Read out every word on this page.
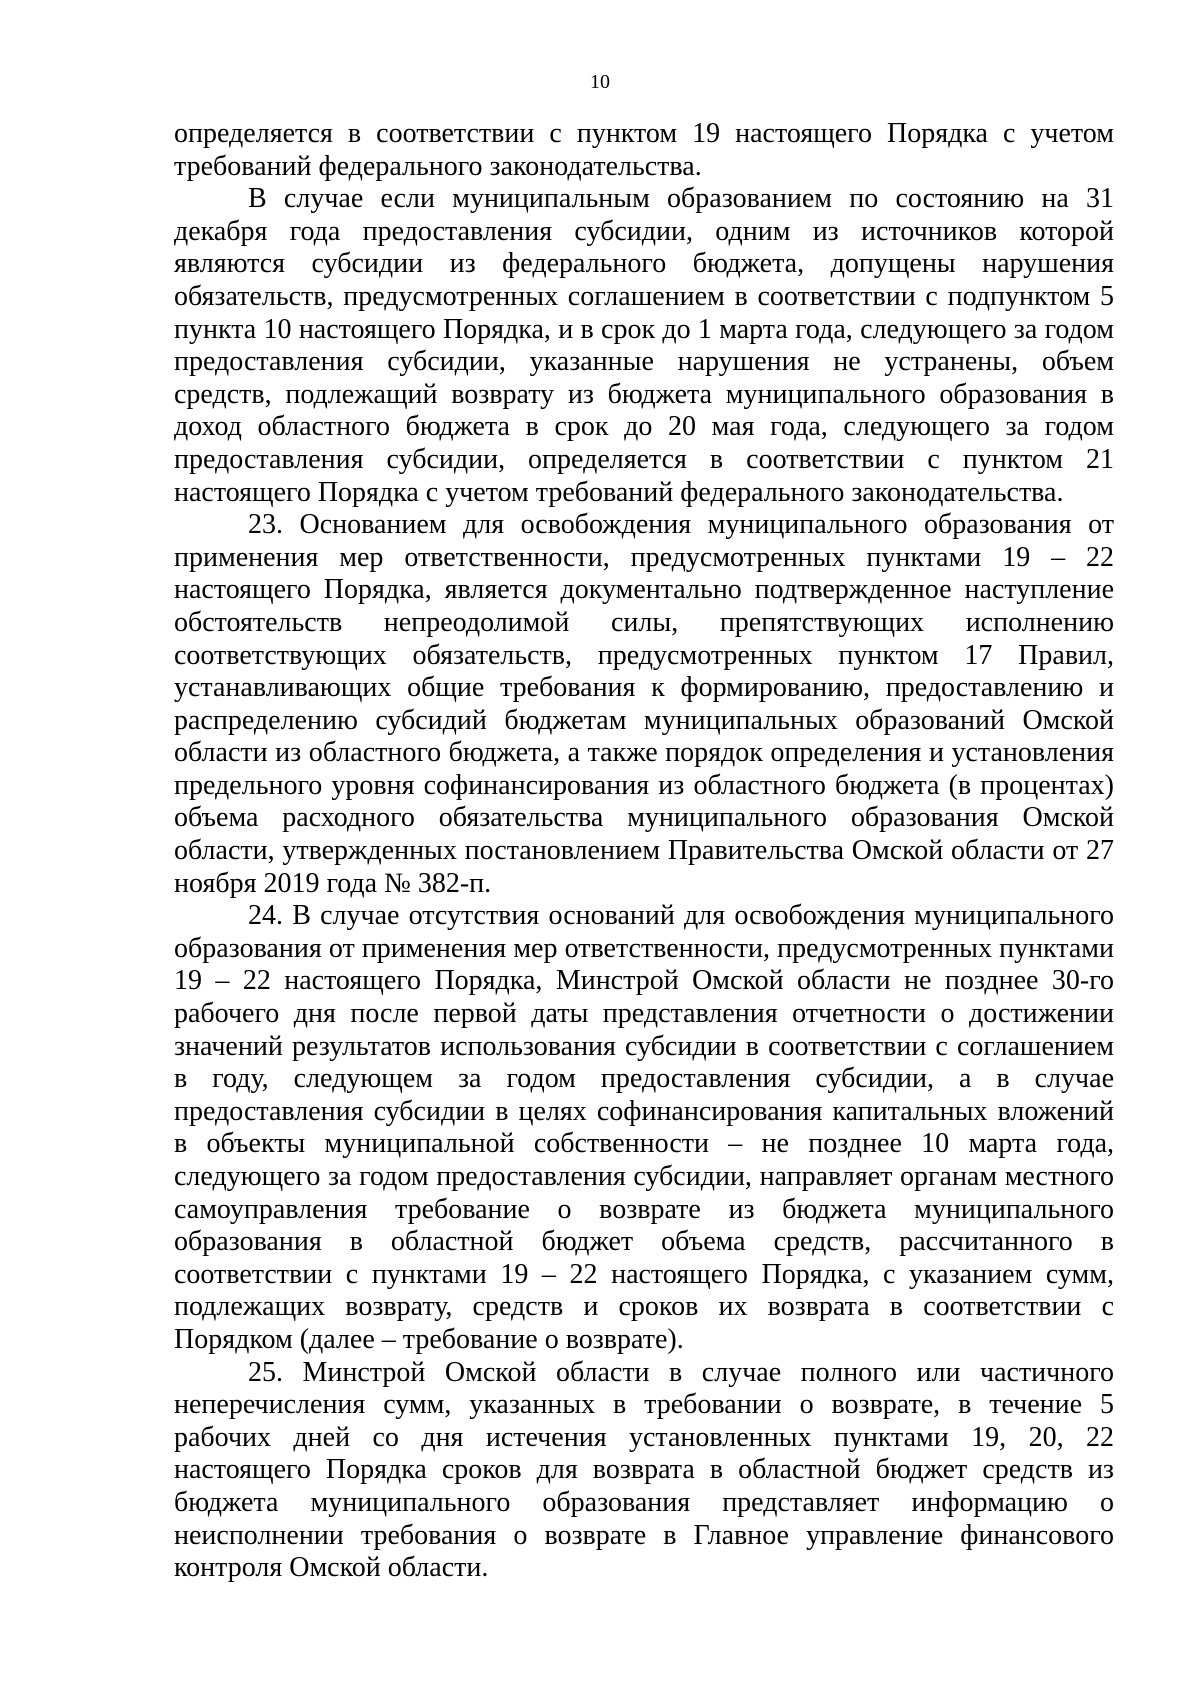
10

определяется в соответствии с пунктом 19 настоящего Порядка с учетом требований федерального законодательства.

В случае если муниципальным образованием по состоянию на 31 декабря года предоставления субсидии, одним из источников которой являются субсидии из федерального бюджета, допущены нарушения обязательств, предусмотренных соглашением в соответствии с подпунктом 5 пункта 10 настоящего Порядка, и в срок до 1 марта года, следующего за годом предоставления субсидии, указанные нарушения не устранены, объем средств, подлежащий возврату из бюджета муниципального образования в доход областного бюджета в срок до 20 мая года, следующего за годом предоставления субсидии, определяется в соответствии с пунктом 21 настоящего Порядка с учетом требований федерального законодательства.

23. Основанием для освобождения муниципального образования от применения мер ответственности, предусмотренных пунктами 19 – 22 настоящего Порядка, является документально подтвержденное наступление обстоятельств непреодолимой силы, препятствующих исполнению соответствующих обязательств, предусмотренных пунктом 17 Правил, устанавливающих общие требования к формированию, предоставлению и распределению субсидий бюджетам муниципальных образований Омской области из областного бюджета, а также порядок определения и установления предельного уровня софинансирования из областного бюджета (в процентах) объема расходного обязательства муниципального образования Омской области, утвержденных постановлением Правительства Омской области от 27 ноября 2019 года № 382-п.

24. В случае отсутствия оснований для освобождения муниципального образования от применения мер ответственности, предусмотренных пунктами 19 – 22 настоящего Порядка, Минстрой Омской области не позднее 30-го рабочего дня после первой даты представления отчетности о достижении значений результатов использования субсидии в соответствии с соглашением в году, следующем за годом предоставления субсидии, а в случае предоставления субсидии в целях софинансирования капитальных вложений в объекты муниципальной собственности – не позднее 10 марта года, следующего за годом предоставления субсидии, направляет органам местного самоуправления требование о возврате из бюджета муниципального образования в областной бюджет объема средств, рассчитанного в соответствии с пунктами 19 – 22 настоящего Порядка, с указанием сумм, подлежащих возврату, средств и сроков их возврата в соответствии с Порядком (далее – требование о возврате).

25. Минстрой Омской области в случае полного или частичного неперечисления сумм, указанных в требовании о возврате, в течение 5 рабочих дней со дня истечения установленных пунктами 19, 20, 22 настоящего Порядка сроков для возврата в областной бюджет средств из бюджета муниципального образования представляет информацию о неисполнении требования о возврате в Главное управление финансового контроля Омской области.
